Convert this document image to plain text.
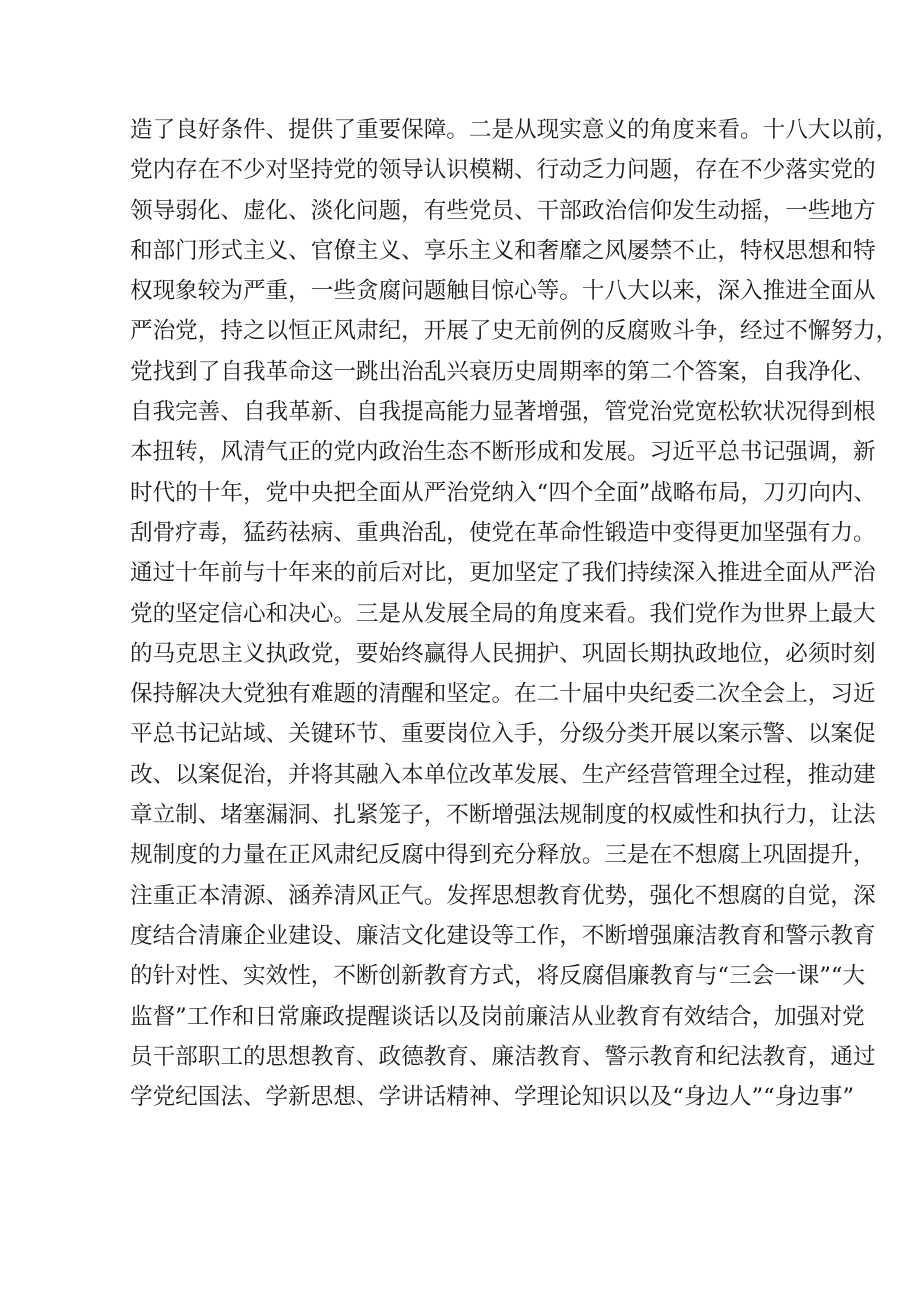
造了良好条件、提供了重要保障。二是从现实意义的角度来看。十八大以前，
党内存在不少对坚持党的领导认识模糊、行动乏力问题，存在不少落实党的
领导弱化、虚化、淡化问题，有些党员、干部政治信仰发生动摇，一些地方
和部门形式主义、官僚主义、享乐主义和奢靡之风屡禁不止，特权思想和特
权现象较为严重，一些贪腐问题触目惊心等。十八大以来，深入推进全面从
严治党，持之以恒正风肃纪，开展了史无前例的反腐败斗争，经过不懈努力，
党找到了自我革命这一跳出治乱兴衰历史周期率的第二个答案，自我净化、
自我完善、自我革新、自我提高能力显著增强，管党治党宽松软状况得到根
本扭转，风清气正的党内政治生态不断形成和发展。习近平总书记强调，新
时代的十年，党中央把全面从严治党纳入“四个全面”战略布局，刀刃向内、
刮骨疗毒，猛药祛病、重典治乱，使党在革命性锻造中变得更加坚强有力。
通过十年前与十年来的前后对比，更加坚定了我们持续深入推进全面从严治
党的坚定信心和决心。三是从发展全局的角度来看。我们党作为世界上最大
的马克思主义执政党，要始终赢得人民拥护、巩固长期执政地位，必须时刻
保持解决大党独有难题的清醒和坚定。在二十届中央纪委二次全会上，习近
平总书记站域、关键环节、重要岗位入手，分级分类开展以案示警、以案促
改、以案促治，并将其融入本单位改革发展、生产经营管理全过程，推动建
章立制、堵塞漏洞、扎紧笼子，不断增强法规制度的权威性和执行力，让法
规制度的力量在正风肃纪反腐中得到充分释放。三是在不想腐上巩固提升，
注重正本清源、涵养清风正气。发挥思想教育优势，强化不想腐的自觉，深
度结合清廉企业建设、廉洁文化建设等工作，不断增强廉洁教育和警示教育
的针对性、实效性，不断创新教育方式，将反腐倡廉教育与“三会一课”“大
监督”工作和日常廉政提醒谈话以及岗前廉洁从业教育有效结合，加强对党
员干部职工的思想教育、政德教育、廉洁教育、警示教育和纪法教育，通过
学党纪国法、学新思想、学讲话精神、学理论知识以及“身边人”“身边事”
